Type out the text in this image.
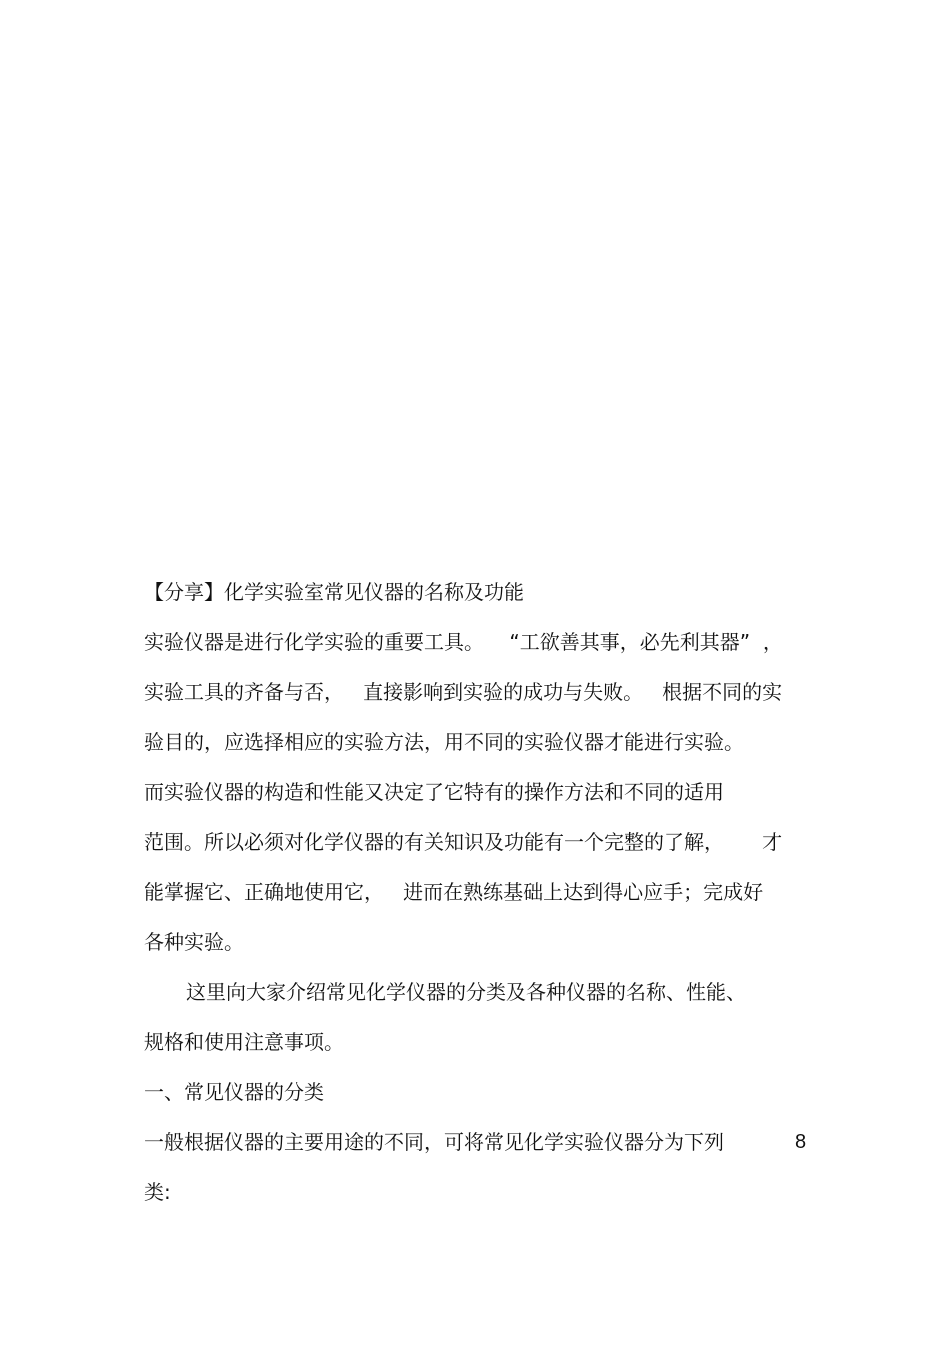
【分享】化学实验室常见仪器的名称及功能
实验仪器是进行化学实验的重要工具。    “工欲善其事，必先利其器”  ，
实验工具的齐备与否，   直接影响到实验的成功与失败。   根据不同的实
验目的，应选择相应的实验方法，用不同的实验仪器才能进行实验。
而实验仪器的构造和性能又决定了它特有的操作方法和不同的适用
范围。所以必须对化学仪器的有关知识及功能有一个完整的了解，      才
能掌握它、正确地使用它，   进而在熟练基础上达到得心应手；完成好
各种实验。
这里向大家介绍常见化学仪器的分类及各种仪器的名称、性能、
规格和使用注意事项。
一、常见仪器的分类
一般根据仪器的主要用途的不同，可将常见化学实验仪器分为下列	8
类:
